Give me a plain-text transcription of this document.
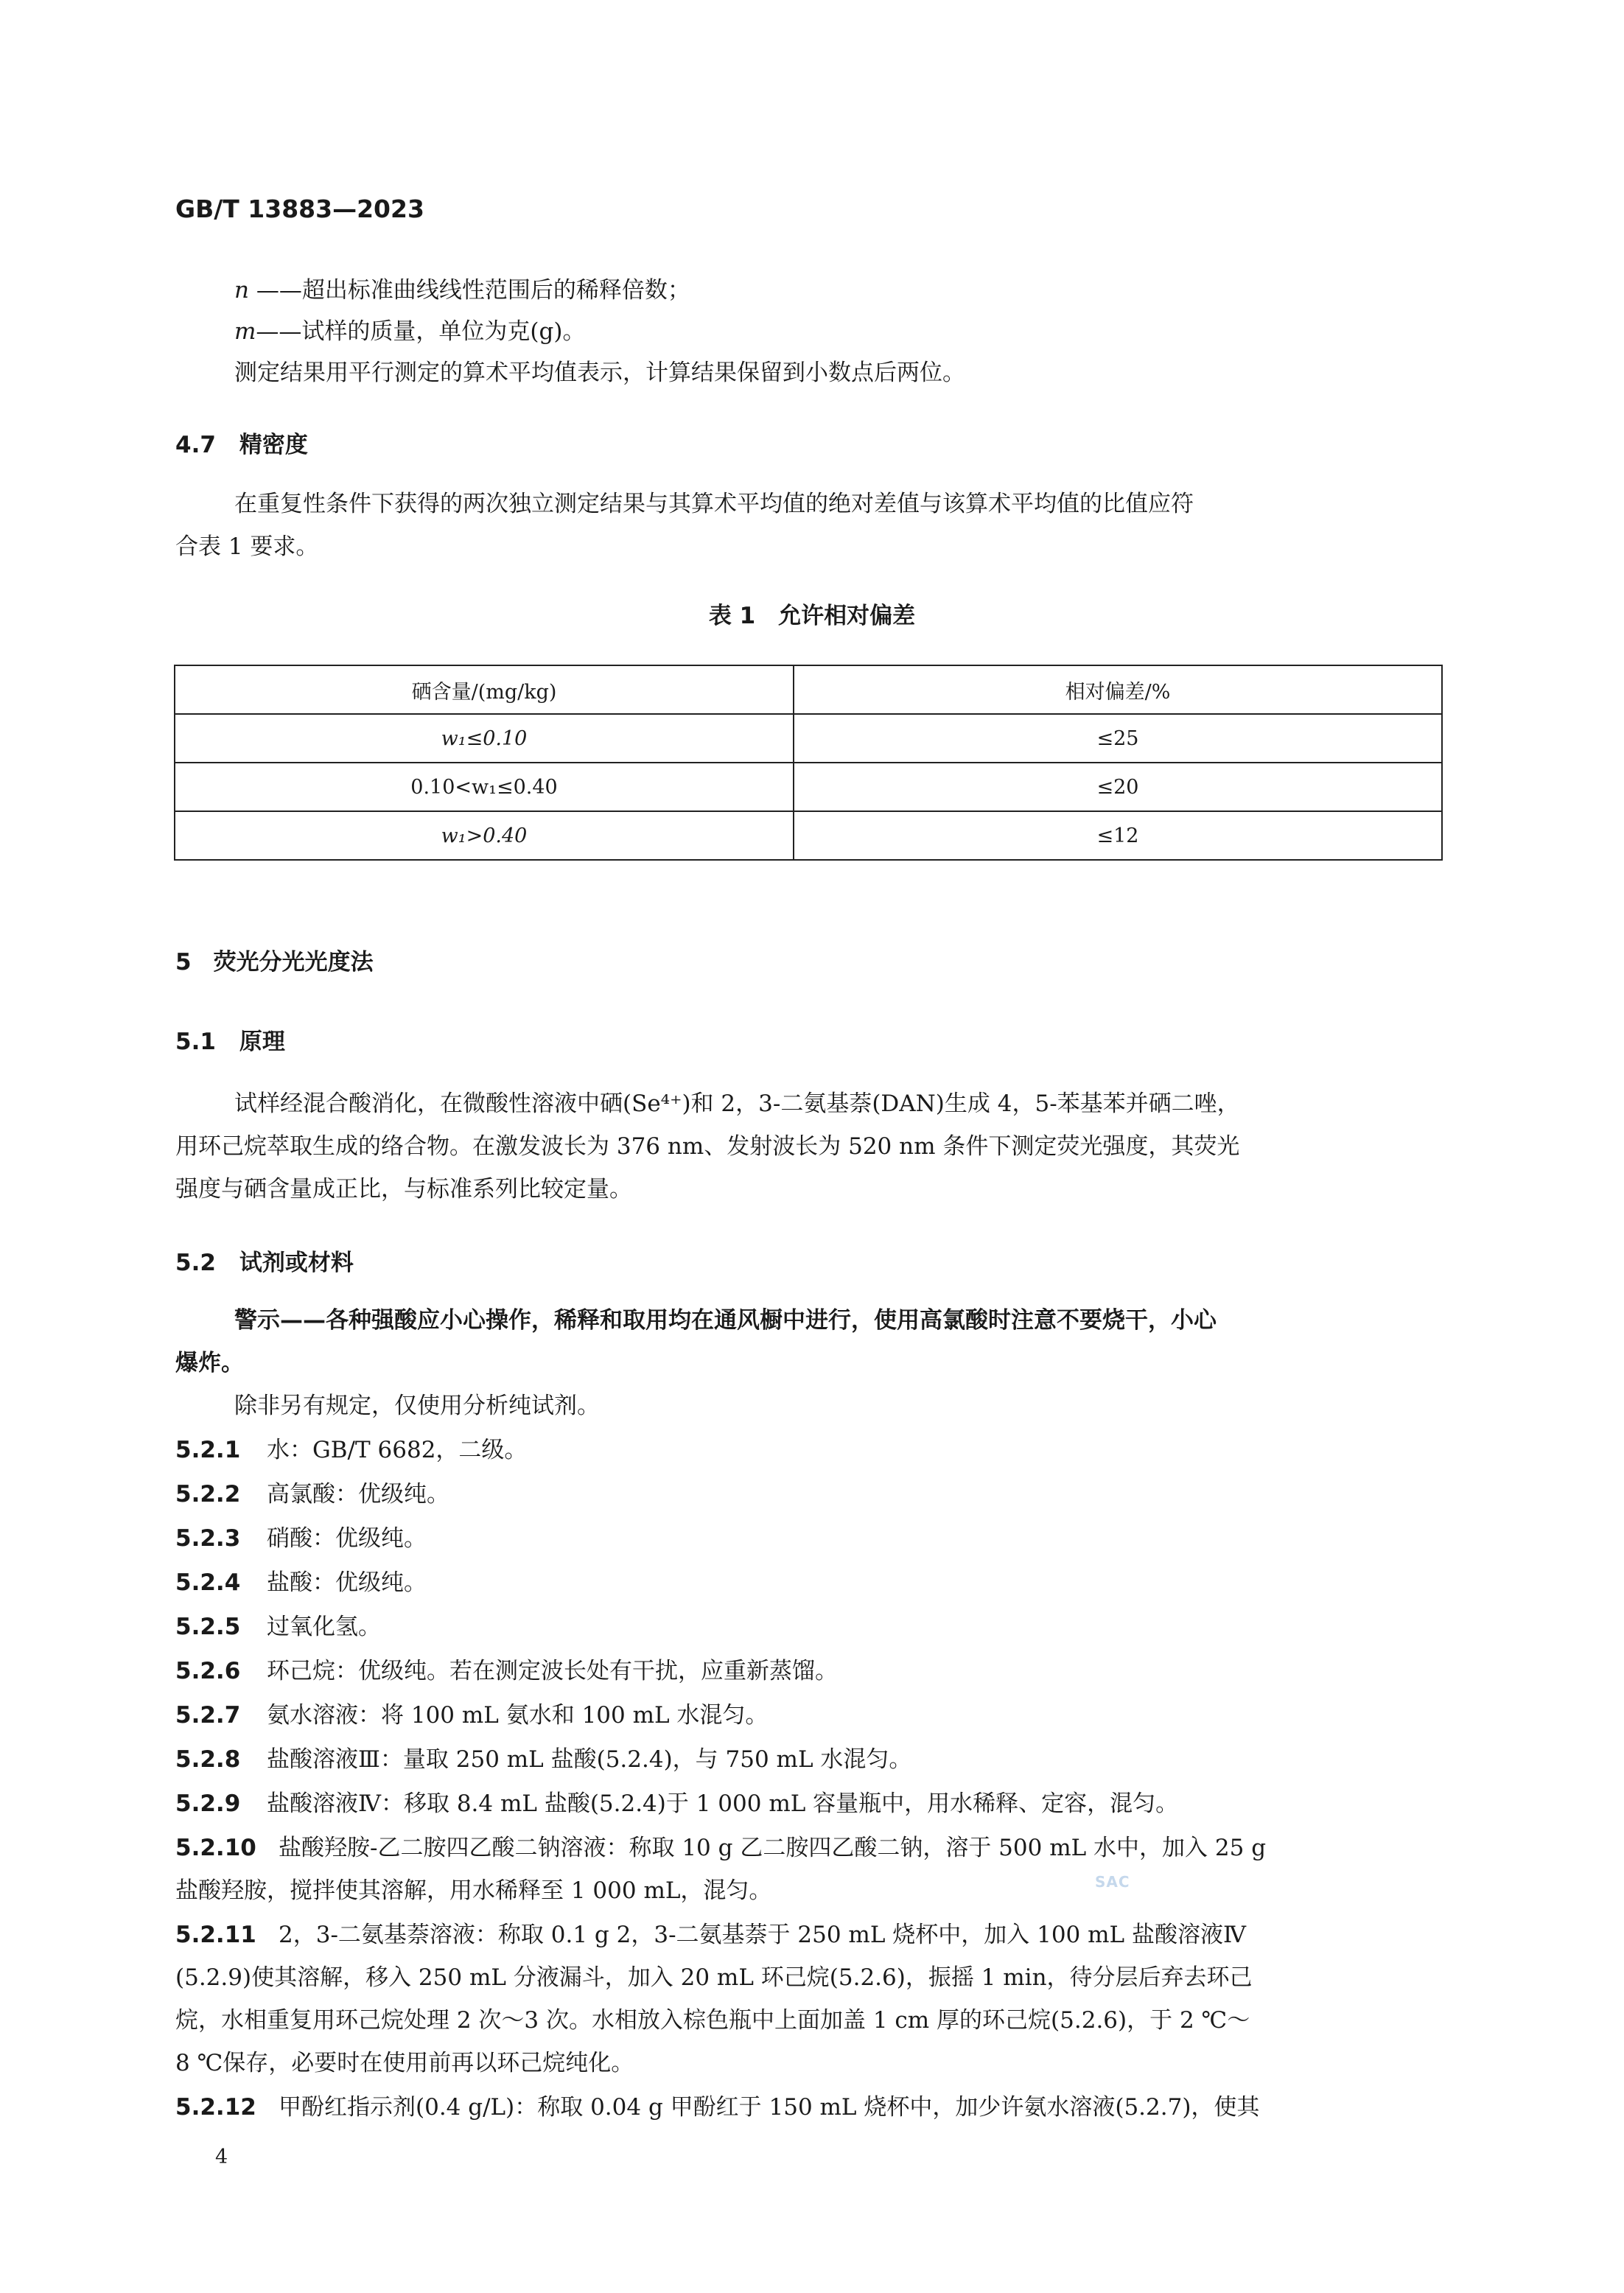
GB/T 13883—2023
n ——超出标准曲线线性范围后的稀释倍数；
m——试样的质量，单位为克(g)。
测定结果用平行测定的算术平均值表示，计算结果保留到小数点后两位。
4.7 精密度
在重复性条件下获得的两次独立测定结果与其算术平均值的绝对差值与该算术平均值的比值应符
合表 1 要求。
表 1　允许相对偏差
硒含量/(mg/kg)	相对偏差/%
w₁≤0.10	≤25
0.10<w₁≤0.40	≤20
w₁>0.40	≤12
5 荧光分光光度法
5.1 原理
试样经混合酸消化，在微酸性溶液中硒(Se⁴⁺)和 2，3-二氨基萘(DAN)生成 4，5-苯基苯并硒二唑，
用环己烷萃取生成的络合物。在激发波长为 376 nm、发射波长为 520 nm 条件下测定荧光强度，其荧光
强度与硒含量成正比，与标准系列比较定量。
5.2 试剂或材料
警示——各种强酸应小心操作，稀释和取用均在通风橱中进行，使用高氯酸时注意不要烧干，小心
爆炸。
除非另有规定，仅使用分析纯试剂。
5.2.1 水：GB/T 6682，二级。
5.2.2 高氯酸：优级纯。
5.2.3 硝酸：优级纯。
5.2.4 盐酸：优级纯。
5.2.5 过氧化氢。
5.2.6 环己烷：优级纯。若在测定波长处有干扰，应重新蒸馏。
5.2.7 氨水溶液：将 100 mL 氨水和 100 mL 水混匀。
5.2.8 盐酸溶液Ⅲ：量取 250 mL 盐酸(5.2.4)，与 750 mL 水混匀。
5.2.9 盐酸溶液Ⅳ：移取 8.4 mL 盐酸(5.2.4)于 1 000 mL 容量瓶中，用水稀释、定容，混匀。
5.2.10 盐酸羟胺-乙二胺四乙酸二钠溶液：称取 10 g 乙二胺四乙酸二钠，溶于 500 mL 水中，加入 25 g
盐酸羟胺，搅拌使其溶解，用水稀释至 1 000 mL，混匀。	SAC
5.2.11 2，3-二氨基萘溶液：称取 0.1 g 2，3-二氨基萘于 250 mL 烧杯中，加入 100 mL 盐酸溶液Ⅳ
(5.2.9)使其溶解，移入 250 mL 分液漏斗，加入 20 mL 环己烷(5.2.6)，振摇 1 min，待分层后弃去环己
烷，水相重复用环己烷处理 2 次～3 次。水相放入棕色瓶中上面加盖 1 cm 厚的环己烷(5.2.6)，于 2 ℃～
8 ℃保存，必要时在使用前再以环己烷纯化。
5.2.12 甲酚红指示剂(0.4 g/L)：称取 0.04 g 甲酚红于 150 mL 烧杯中，加少许氨水溶液(5.2.7)，使其
4
